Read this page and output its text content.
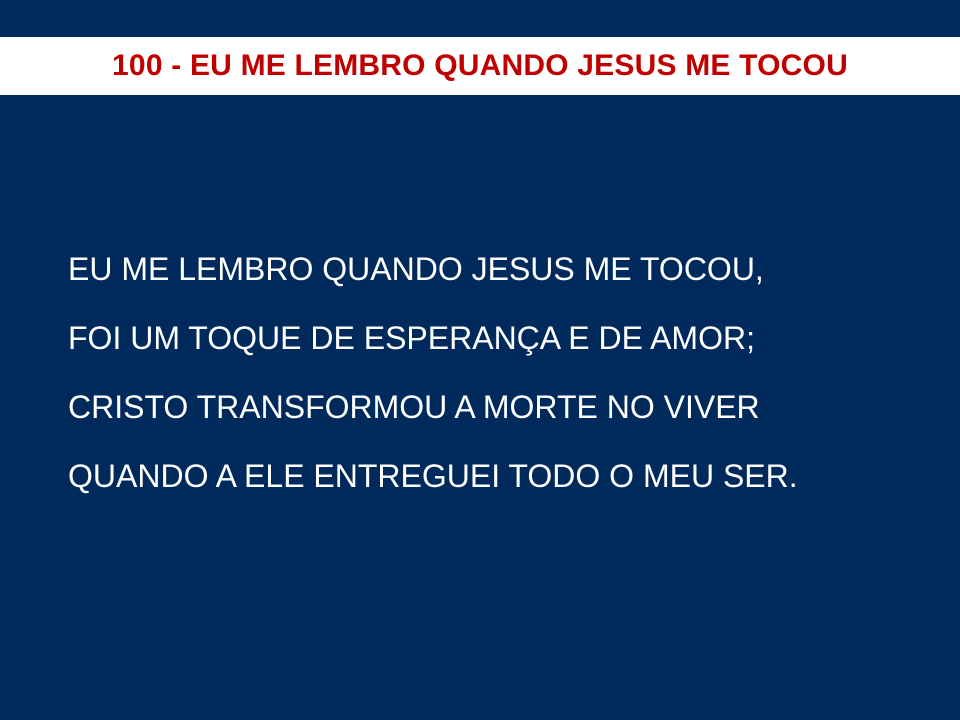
100 - EU ME LEMBRO QUANDO JESUS ME TOCOU
EU ME LEMBRO QUANDO JESUS ME TOCOU,
FOI UM TOQUE DE ESPERANÇA E DE AMOR;
CRISTO TRANSFORMOU A MORTE NO VIVER
QUANDO A ELE ENTREGUEI TODO O MEU SER.
